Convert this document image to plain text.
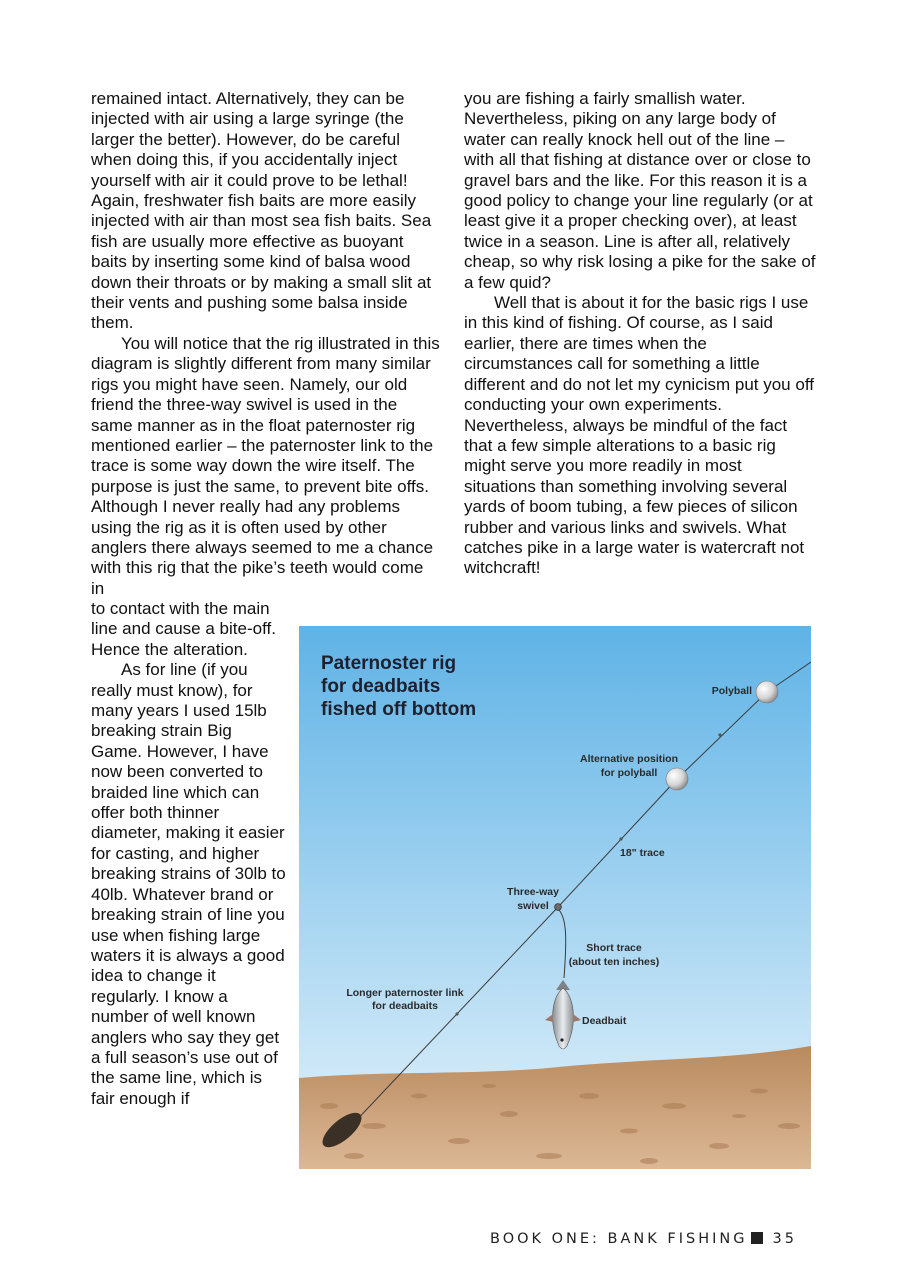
remained intact. Alternatively, they can be injected with air using a large syringe (the larger the better). However, do be careful when doing this, if you accidentally inject yourself with air it could prove to be lethal! Again, freshwater fish baits are more easily injected with air than most sea fish baits. Sea fish are usually more effective as buoyant baits by inserting some kind of balsa wood down their throats or by making a small slit at their vents and pushing some balsa inside them.

You will notice that the rig illustrated in this diagram is slightly different from many similar rigs you might have seen. Namely, our old friend the three-way swivel is used in the same manner as in the float paternoster rig mentioned earlier – the paternoster link to the trace is some way down the wire itself. The purpose is just the same, to prevent bite offs. Although I never really had any problems using the rig as it is often used by other anglers there always seemed to me a chance with this rig that the pike’s teeth would come in

to contact with the main line and cause a bite-off. Hence the alteration.

As for line (if you really must know), for many years I used 15lb breaking strain Big Game. However, I have now been converted to braided line which can offer both thinner diameter, making it easier for casting, and higher breaking strains of 30lb to 40lb. Whatever brand or breaking strain of line you use when fishing large waters it is always a good idea to change it regularly. I know a number of well known anglers who say they get a full season’s use out of the same line, which is fair enough if

you are fishing a fairly smallish water. Nevertheless, piking on any large body of water can really knock hell out of the line – with all that fishing at distance over or close to gravel bars and the like. For this reason it is a good policy to change your line regularly (or at least give it a proper checking over), at least twice in a season. Line is after all, relatively cheap, so why risk losing a pike for the sake of a few quid?

Well that is about it for the basic rigs I use in this kind of fishing. Of course, as I said earlier, there are times when the circumstances call for something a little different and do not let my cynicism put you off conducting your own experiments. Nevertheless, always be mindful of the fact that a few simple alterations to a basic rig might serve you more readily in most situations than something involving several yards of boom tubing, a few pieces of silicon rubber and various links and swivels. What catches pike in a large water is watercraft not witchcraft!

Paternoster rig
for deadbaits
fished off bottom
Polyball
Alternative position
for polyball
18" trace
Three-way
swivel
Short trace
(about ten inches)
Longer paternoster link
for deadbaits
Deadbait
BOOK ONE: BANK FISHING 35
